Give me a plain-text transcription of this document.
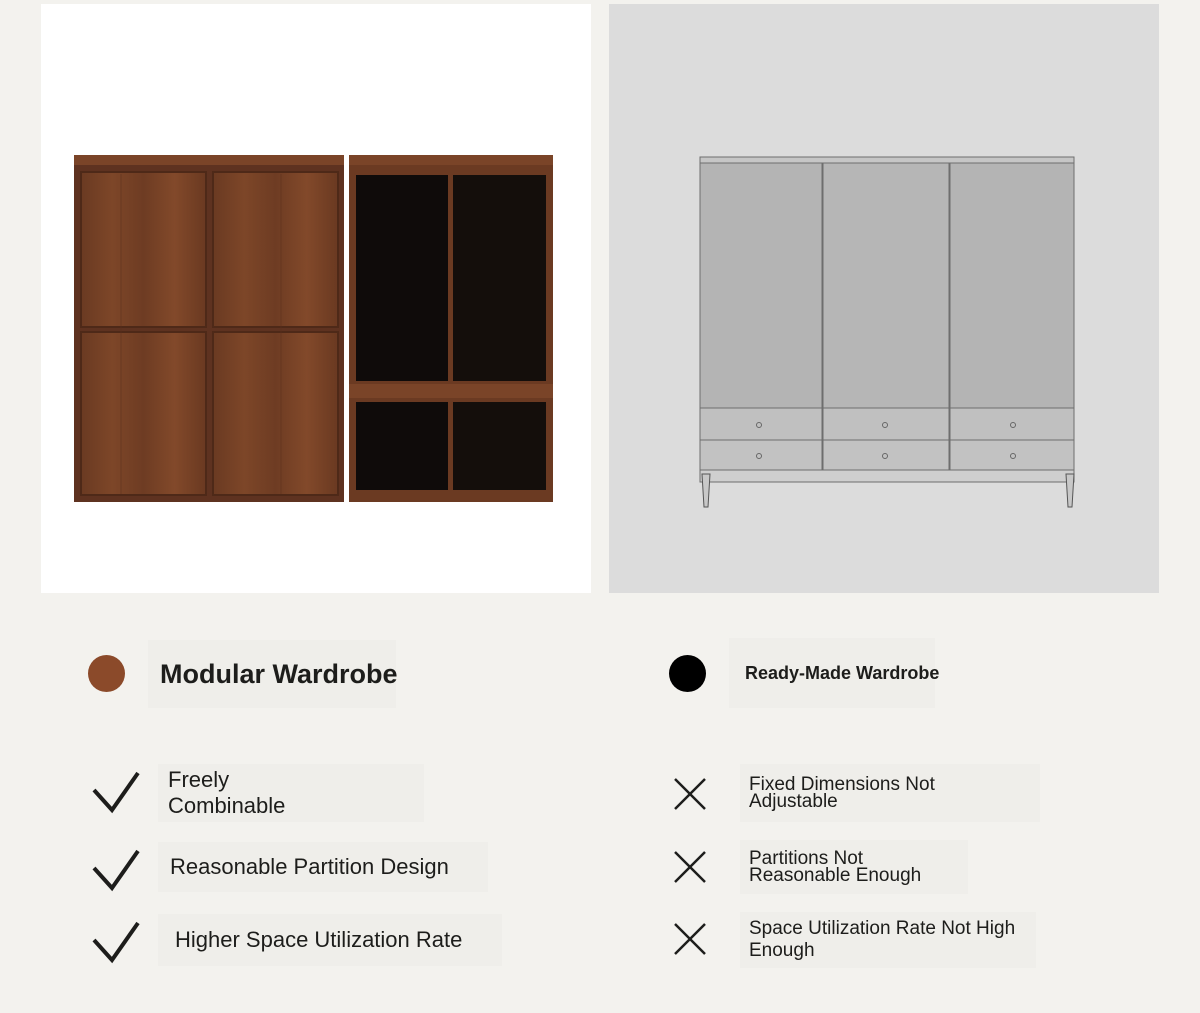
Modular Wardrobe	Ready-Made Wardrobe
Freely Combinable
Reasonable Partition Design
Higher Space Utilization Rate
Fixed Dimensions Not Adjustable
Partitions Not Reasonable Enough
Space Utilization Rate Not High Enough
